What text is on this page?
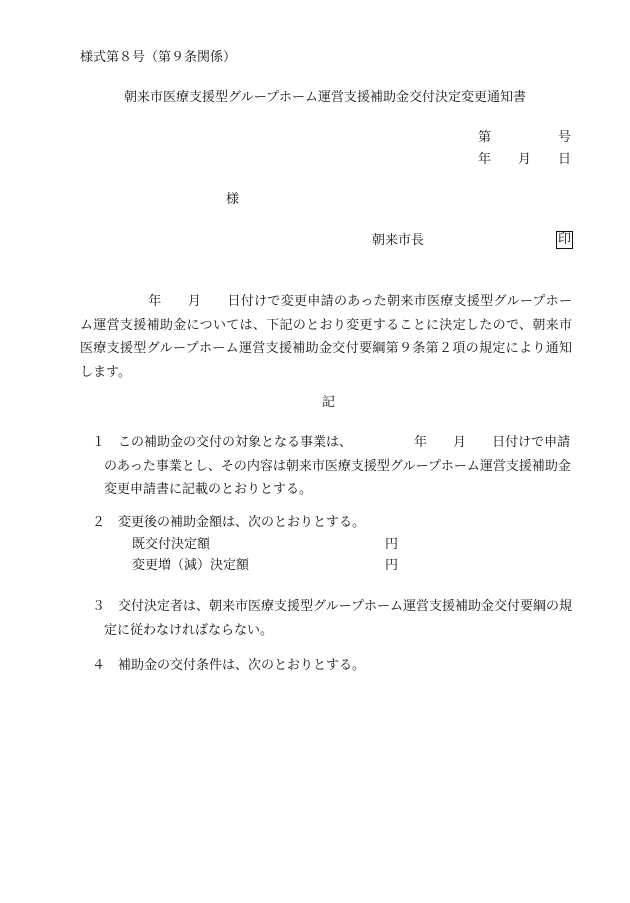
様式第８号（第９条関係）
朝来市医療支援型グループホーム運営支援補助金交付決定変更通知書
第	号
年 月 日
様
朝来市長	印
年 月 日付けで変更申請のあった朝来市医療支援型グループホーム運営支援補助金については、下記のとおり変更することに決定したので、朝来市医療支援型グループホーム運営支援補助金交付要綱第９条第２項の規定により通知します。
記
１ この補助金の交付の対象となる事業は、	年 月 日付けで申請のあった事業とし、その内容は朝来市医療支援型グループホーム運営支援補助金変更申請書に記載のとおりとする。
２ 変更後の補助金額は、次のとおりとする。
既交付決定額	円
変更増（減）決定額	円
３ 交付決定者は、朝来市医療支援型グループホーム運営支援補助金交付要綱の規定に従わなければならない。
４ 補助金の交付条件は、次のとおりとする。
